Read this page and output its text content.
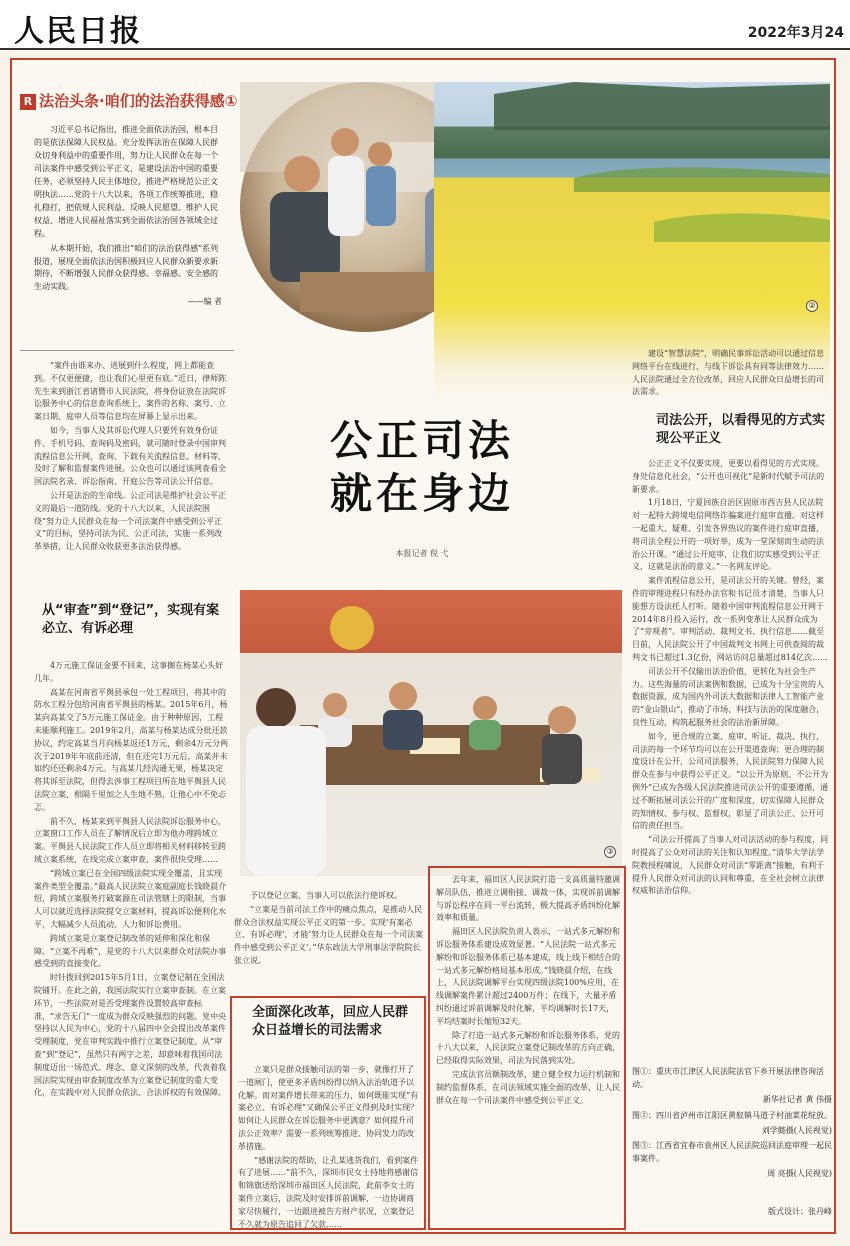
人民日报	2022年3月24
R 法治头条·咱们的法治获得感①

习近平总书记指出，推进全面依法治国，根本目的是依法保障人民权益。充分发挥法治在保障人民群众切身利益中的重要作用，努力让人民群众在每一个司法案件中感受到公平正义，是建设法治中国的重要任务，必须坚持人民主体地位，推进严格规范公正文明执法……党的十八大以来，各项工作统筹推进，稳扎稳打，把依规人民利益、反映人民愿望、维护人民权益、增进人民福祉落实到全面依法治国各领域全过程。

从本期开始，我们推出“咱们的法治获得感”系列报道，展现全面依法治国积极回应人民群众新要求新期待，不断增强人民群众获得感、幸福感、安全感的生动实践。

——编 者	②

“案件由谁来办、进展到什么程度，网上都能查到。不仅更便捷，也让我们心里更有底。”近日，律师陈先生来到浙江省诸暨市人民法院，将身份证放在法院诉讼服务中心的信息查询系统上，案件的名称、案号、立案日期、庭审人员等信息均在屏幕上显示出来。

如今，当事人及其诉讼代理人只要凭有效身份证件、手机号码、查询码及密码，就可随时登录中国审判流程信息公开网，查询、下载有关流程信息、材料等，及时了解和监督案件进展。公众也可以通过该网查看全国法院名录、诉讼指南、开庭公告等司法公开信息。

公开是法治的生命线。公正司法是维护社会公平正义的最后一道防线。党的十八大以来，人民法院围绕“努力让人民群众在每一个司法案件中感受到公平正义”的目标，坚持司法为民、公正司法，实施一系列改革举措，让人民群众收获更多法治获得感。

从“审查”到“登记”，实现有案必立、有诉必理

4万元施工保证金要不回来，这事搁在杨某心头好几年。

高某在河南省平舆县承包一处工程项目，将其中的防水工程分包给河南省平舆县的杨某。2015年6月，杨某向高某交了5万元施工保证金。由于种种原因，工程未能顺利施工。2019年2月，高某与杨某达成分批还款协议，约定高某当月向杨某返还1万元，剩余4万元分两次于2019年年底前还清，但在还完1万元后，高某并未如约还还剩余4万元。与高某几经沟通无果，杨某决定将其诉至法院，但得去涉事工程项目所在地平舆县人民法院立案，相隔千里加之人生地不熟，让他心中不免忐忑。

前不久，杨某来到平舆县人民法院诉讼服务中心，立案窗口工作人员在了解情况后立即为他办理跨域立案。平舆县人民法院工作人员立即将相关材料移转至跨域立案系统，在线完成立案审查，案件很快受理……

“跨域立案已在全国四级法院实现全覆盖，且实现案件类型全覆盖。”最高人民法院立案庭副庭长钱晓晨介绍，跨域立案服务打破案源在司法管辖上的限制，当事人可以就近选择法院提交立案材料，提高诉讼便利化水平，大幅减少人员流动、人力和诉讼费用。

跨域立案是立案登记制改革的延伸和深化和保障。“立案不再难”，是党的十八大以来群众对法院办事感受到的直接变化。

时针拨回到2015年5月1日，立案登记制在全国法院铺开。在此之前，我国法院实行立案审查制。在立案环节，一些法院对是否受理案件设置较高审查标准，“求告无门”一度成为群众反映强烈的问题。党中央坚持以人民为中心，党的十八届四中全会提出改革案件受理制度，党在审判实践中推行立案登记制度。从“审查”到“登记”，虽然只有两字之差，却意味着我国司法制度迈出一场范式、理念、意义深刻的改革，代表着我国法院实现由审查制度改革为立案登记制度的重大变化，在实践中对人民群众依法、合法诉权的有效保障。

公正司法
就在身边
本报记者 倪 弋
③

予以登记立案，当事人可以依法行使诉权。

“立案是当前司法工作中的痛点焦点，是推动人民群众合法权益实现公平正义的第一步。实现‘有案必立、有诉必理’，才能‘努力让人民群众在每一个司法案件中感受到公平正义’。”华东政法大学刑事法学院院长张立说。

全面深化改革，回应人民群众日益增长的司法需求

立案只是群众接触司法的第一步，就像打开了一道闸门，使更多矛盾纠纷得以纳入法治轨道予以化解。而对案件增长带来的压力，如何既能实现“有案必立、有诉必理”又确保公平正义得到及时实现？如何让人民群众在诉讼服务中更满意？如何提升司法公正效率？需要一系列统筹推进、协同发力的改革措施。

“感谢法院的帮助，让孔某逃货我们，看到案件有了进展……”前不久，深圳市民女士持地将感谢信和锦旗送给深圳市福田区人民法院，此前李女士的案件立案后，法院及时安排诉前调解，一边协调商家尽快履行，一边跟进被告方财产状况，立案登记不久就为原告追回了欠款……

去年来，福田区人民法院打造一支高质量特邀调解员队伍，推进立调衔接、调裁一体，实现诉前调解与诉讼程序在同一平台流转，极大提高矛盾纠纷化解效率和质量。

福田区人民法院负责人表示，一站式多元解纷和诉讼服务体系建设成效显著。“人民法院一站式多元解纷和诉讼服务体系已基本建成，线上线下相结合的一站式多元解纷格局基本形成。”钱晓晨介绍，在线上，人民法院调解平台实现四级法院100%应用，在线调解案件累计超过2400万件；在线下，大量矛盾纠纷通过诉前调解及时化解，平均调解时长17天，平均结案时长缩短32天。

除了打造一站式多元解纷和诉讼服务体系，党的十八大以来，人民法院立案登记制改革的方向正确，已经取得实际效果，司法为民落到实处。

完成法官员额制改革，建立健全权力运行机制和制约监督体系，在司法领域实施全面的改革，让人民群众在每一个司法案件中感受到公平正义。

建设“智慧法院”，明确民事诉讼活动可以通过信息网络平台在线进行，与线下诉讼具有同等法律效力……人民法院通过全方位改革，回应人民群众日益增长的司法需求。

司法公开，以看得见的方式实现公平正义

公正正义不仅要实现，更要以看得见的方式实现。身处信息化社会，“公开也可视化”是新时代赋予司法的新要求。

1月18日，宁夏回族自治区固原市西吉县人民法院对一起特大跨境电信网络诈骗案进行庭审直播。对这样一起重大、疑难、引发各界热议的案件进行庭审直播，将司法全程公开的一项好举，成为一堂深刻而生动的法治公开课。“通过公开庭审，让我们切实感受到公平正义，这就是法治的意义。”一名网友评论。

案件流程信息公开，是司法公开的关键。曾经，案件的审理进程只有经办法官和书记员才清楚，当事人只能想方设法托人打听。随着中国审判流程信息公开网于2014年8月投入运行，改一系列变革让人民群众成为了“旁观者”。审判活动、裁判文书、执行信息……截至目前，人民法院公开了中国裁判文书网上可供查阅的裁判文书已超过1.3亿份，网站访问总量超过814亿次……

司法公开不仅输出法治价值，更转化为社会生产力。这些海量的司法案例和数据，已成为十分宝贵的人数据资源，成为国内外司法大数据和法律人工智能产业的“金山银山”，推动了市场、科技与法治的深度融合，良性互动，构筑起服务社会的法治新屏障。

如今，更合规的立案、庭审、听证、裁决、执行，司法的每一个环节均可以在公开渠道查询；更合理的制度设计在公开，公司司法服务，人民法院努力保障人民群众在参与中获得公平正义。“以公开为原则、不公开为例外”已成为各级人民法院推进司法公开的重要遵循，通过不断拓展司法公开的广度和深度，切实保障人民群众的知情权、参与权、监督权，彰显了司法公正、公开可信的责任担当。

“司法公开提高了当事人对司法活动的参与程度，同时提高了公众对司法的关注和认知程度。”清华大学法学院教授程啸说，人民群众对司法“零距离”接触，有利于提升人民群众对司法的认同和尊重，在全社会树立法律权威和法治信仰。

图①：重庆市江津区人民法院法官下乡开展法律咨询活动。

新华社记者 黄 伟摄

图②：四川省泸州市江阳区黄舣镇马道子村油菜花绽放。

刘学懿摄(人民视觉)

图③：江西省宜春市袁州区人民法院巡回法庭审理一起民事案件。

周 亮摄(人民视觉)

版式设计：张丹峰
